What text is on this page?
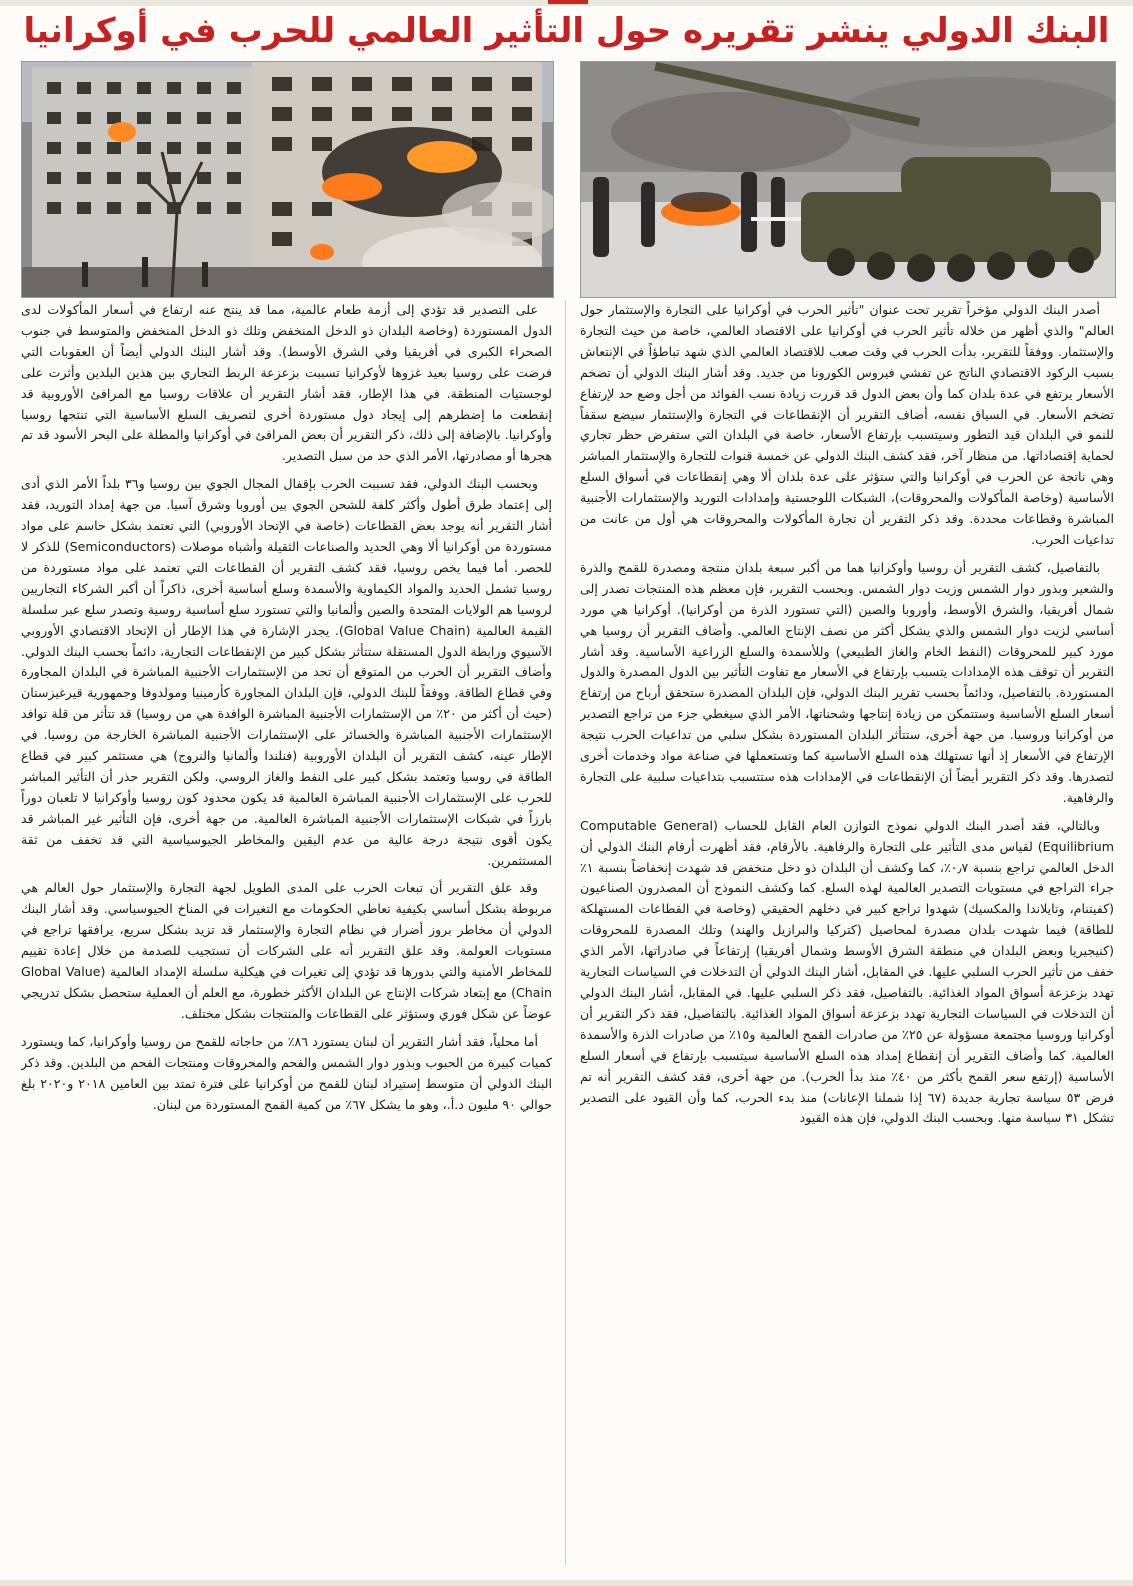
البنك الدولي ينشر تقريره حول التأثير العالمي للحرب في أوكرانيا

أصدر البنك الدولي مؤخراً تقرير تحت عنوان "تأثير الحرب في أوكرانيا على التجارة والإستثمار حول العالم" والذي أظهر من خلاله تأثير الحرب في أوكرانيا على الاقتصاد العالمي، خاصة من حيث التجارة والإستثمار. ووفقاً للتقرير، بدأت الحرب في وقت صعب للاقتصاد العالمي الذي شهد تباطؤاً في الإنتعاش بسبب الركود الاقتصادي الناتج عن تفشي فيروس الكورونا من جديد. وقد أشار البنك الدولي أن تضخم الأسعار يرتفع في عدة بلدان كما وأن بعض الدول قد قررت زيادة نسب الفوائد من أجل وضع حد لإرتفاع تضخم الأسعار. في السياق نفسه، أضاف التقرير أن الإنقطاعات في التجارة والإستثمار سيضع سقفاً للنمو في البلدان قيد التطور وسيتسبب بإرتفاع الأسعار، خاصة في البلدان التي ستفرض حظر تجاري لحماية إقتصاداتها. من منظار آخر، فقد كشف البنك الدولي عن خمسة قنوات للتجارة والإستثمار المباشر وهي ناتجة عن الحرب في أوكرانيا والتي ستؤثر على عدة بلدان ألا وهي إنقطاعات في أسواق السلع الأساسية (وخاصة المأكولات والمحروقات)، الشبكات اللوجستية وإمدادات التوريد والإستثمارات الأجنبية المباشرة وقطاعات محددة. وقد ذكر التقرير أن تجارة المأكولات والمحروقات هي أول من عانت من تداعيات الحرب.

بالتفاصيل، كشف التقرير أن روسيا وأوكرانيا هما من أكبر سبعة بلدان منتجة ومصدرة للقمح والذرة والشعير وبذور دوار الشمس وزيت دوار الشمس. وبحسب التقرير، فإن معظم هذه المنتجات تصدر إلى شمال أفريقيا، والشرق الأوسط، وأوروبا والصين (التي تستورد الذرة من أوكرانيا). أوكرانيا هي مورد أساسي لزيت دوار الشمس والذي يشكل أكثر من نصف الإنتاج العالمي. وأضاف التقرير أن روسيا هي مورد كبير للمحروقات (النفط الخام والغاز الطبيعي) وللأسمدة والسلع الزراعية الأساسية. وقد أشار التقرير أن توقف هذه الإمدادات يتسبب بإرتفاع في الأسعار مع تفاوت التأثير بين الدول المصدرة والدول المستوردة. بالتفاصيل، ودائماً بحسب تقرير البنك الدولي، فإن البلدان المصدرة ستحقق أرباح من إرتفاع أسعار السلع الأساسية وستتمكن من زيادة إنتاجها وشحناتها، الأمر الذي سيغطي جزء من تراجع التصدير من أوكرانيا وروسيا. من جهة أخرى، ستتأثر البلدان المستوردة بشكل سلبي من تداعيات الحرب نتيجة الإرتفاع في الأسعار إذ أنها تستهلك هذه السلع الأساسية كما وتستعملها في صناعة مواد وخدمات أخرى لتصدرها. وقد ذكر التقرير أيضاً أن الإنقطاعات في الإمدادات هذه ستتسبب بتداعيات سلبية على التجارة والرفاهية.

وبالتالي، فقد أصدر البنك الدولي نموذج التوازن العام القابل للحساب (Computable General Equilibrium) لقياس مدى التأثير على التجارة والرفاهية. بالأرقام، فقد أظهرت أرقام البنك الدولي أن الدخل العالمي تراجع بنسبة ٠٫٧٪، كما وكشف أن البلدان ذو دخل منخفض قد شهدت إنخفاضاً بنسبة ١٪ جراء التراجع في مستويات التصدير العالمية لهذه السلع. كما وكشف النموذج أن المصدرون الصناعيون (كفيتنام، وتايلاندا والمكسيك) شهدوا تراجع كبير في دخلهم الحقيقي (وخاصة في القطاعات المستهلكة للطاقة) فيما شهدت بلدان مصدرة لمحاصيل (كتركيا والبرازيل والهند) وتلك المصدرة للمحروقات (كنيجيريا وبعض البلدان في منطقة الشرق الأوسط وشمال أفريقيا) إرتفاعاً في صادراتها، الأمر الذي خفف من تأثير الحرب السلبي عليها. في المقابل، أشار البنك الدولي أن التدخلات في السياسات التجارية تهدد بزعزعة أسواق المواد الغذائية. بالتفاصيل، فقد ذكر السلبي عليها. في المقابل، أشار البنك الدولي أن التدخلات في السياسات التجارية تهدد بزعزعة أسواق المواد الغذائية. بالتفاصيل، فقد ذكر التقرير أن أوكرانيا وروسيا مجتمعة مسؤولة عن ٢٥٪ من صادرات القمح العالمية و١٥٪ من صادرات الذرة والأسمدة العالمية. كما وأضاف التقرير أن إنقطاع إمداد هذه السلع الأساسية سيتسبب بإرتفاع في أسعار السلع الأساسية (إرتفع سعر القمح بأكثر من ٤٠٪ منذ بدأ الحرب). من جهة أخرى، فقد كشف التقرير أنه تم فرض ٥٣ سياسة تجارية جديدة (٦٧ إذا شملنا الإعانات) منذ بدء الحرب، كما وأن القيود على التصدير تشكل ٣١ سياسة منها. وبحسب البنك الدولي، فإن هذه القيود

على التصدير قد تؤدي إلى أزمة طعام عالمية، مما قد ينتج عنه ارتفاع في أسعار المأكولات لدى الدول المستوردة (وخاصة البلدان ذو الدخل المنخفض وتلك ذو الدخل المنخفض والمتوسط في جنوب الصحراء الكبرى في أفريقيا وفي الشرق الأوسط). وقد أشار البنك الدولي أيضاً أن العقوبات التي فرضت على روسيا بعيد غزوها لأوكرانيا تسببت بزعزعة الربط التجاري بين هذين البلدين وأثرت على لوجستيات المنطقة. في هذا الإطار، فقد أشار التقرير أن علاقات روسيا مع المرافئ الأوروبية قد إنقطعت ما إضطرهم إلى إيجاد دول مستوردة أخرى لتصريف السلع الأساسية التي تنتجها روسيا وأوكرانيا. بالإضافة إلى ذلك، ذكر التقرير أن بعض المرافئ في أوكرانيا والمطلة على البحر الأسود قد تم هجرها أو مصادرتها، الأمر الذي حد من سبل التصدير.

وبحسب البنك الدولي، فقد تسببت الحرب بإقفال المجال الجوي بين روسيا و٣٦ بلداً الأمر الذي أدى إلى إعتماد طرق أطول وأكثر كلفة للشحن الجوي بين أوروبا وشرق آسيا. من جهة إمداد التوريد، فقد أشار التقرير أنه يوجد بعض القطاعات (خاصة في الإتحاد الأوروبي) التي تعتمد بشكل حاسم على مواد مستوردة من أوكرانيا ألا وهي الحديد والصناعات الثقيلة وأشباه موصلات (Semiconductors) للذكر لا للحصر. أما فيما يخص روسيا، فقد كشف التقرير أن القطاعات التي تعتمد على مواد مستوردة من روسيا تشمل الحديد والمواد الكيماوية والأسمدة وسلع أساسية أخرى، ذاكراً أن أكبر الشركاء التجاريين لروسيا هم الولايات المتحدة والصين وألمانيا والتي تستورد سلع أساسية روسية وتصدر سلع عبر سلسلة القيمة العالمية (Global Value Chain). يجدر الإشارة في هذا الإطار أن الإتحاد الاقتصادي الأوروبي الآسيوي ورابطة الدول المستقلة ستتأثر بشكل كبير من الإنقطاعات التجارية، دائماً بحسب البنك الدولي. وأضاف التقرير أن الحرب من المتوقع أن تحد من الإستثمارات الأجنبية المباشرة في البلدان المجاورة وفي قطاع الطاقة. ووفقاً للبنك الدولي، فإن البلدان المجاورة كأرمينيا ومولدوفا وجمهورية قيرغيزستان (حيث أن أكثر من ٢٠٪ من الإستثمارات الأجنبية المباشرة الوافدة هي من روسيا) قد تتأثر من قلة توافد الإستثمارات الأجنبية المباشرة والخسائر على الإستثمارات الأجنبية المباشرة الخارجة من روسيا. في الإطار عينه، كشف التقرير أن البلدان الأوروبية (فنلندا وألمانيا والنروج) هي مستثمر كبير في قطاع الطاقة في روسيا وتعتمد بشكل كبير على النفط والغاز الروسي. ولكن التقرير حذر أن التأثير المباشر للحرب على الإستثمارات الأجنبية المباشرة العالمية قد يكون محدود كون روسيا وأوكرانيا لا تلعبان دوراً بارزاً في شبكات الإستثمارات الأجنبية المباشرة العالمية. من جهة أخرى، فإن التأثير غير المباشر قد يكون أقوى نتيجة درجة عالية من عدم اليقين والمخاطر الجيوسياسية التي قد تخفف من ثقة المستثمرين.

وقد علق التقرير أن تبعات الحرب على المدى الطويل لجهة التجارة والإستثمار حول العالم هي مربوطة بشكل أساسي بكيفية تعاطي الحكومات مع التغيرات في المناخ الجيوسياسي. وقد أشار البنك الدولي أن مخاطر بروز أضرار في نظام التجارة والإستثمار قد تزيد بشكل سريع، يرافقها تراجع في مستويات العولمة. وقد علق التقرير أنه على الشركات أن تستجيب للصدمة من خلال إعادة تقييم للمخاطر الأمنية والتي بدورها قد تؤدي إلى تغيرات في هيكلية سلسلة الإمداد العالمية (Global Value Chain) مع إبتعاد شركات الإنتاج عن البلدان الأكثر خطورة، مع العلم أن العملية ستحصل بشكل تدريجي عوضاً عن شكل فوري وستؤثر على القطاعات والمنتجات بشكل مختلف.

أما محلياً، فقد أشار التقرير أن لبنان يستورد ٨٦٪ من حاجاته للقمح من روسيا وأوكرانيا، كما ويستورد كميات كبيرة من الحبوب وبذور دوار الشمس والفحم والمحروقات ومنتجات الفحم من البلدين. وقد ذكر البنك الدولي أن متوسط إستيراد لبنان للقمح من أوكرانيا على فترة تمتد بين العامين ٢٠١٨ و٢٠٢٠ بلغ حوالي ٩٠ مليون د.أ.، وهو ما يشكل ٦٧٪ من كمية القمح المستوردة من لبنان.
